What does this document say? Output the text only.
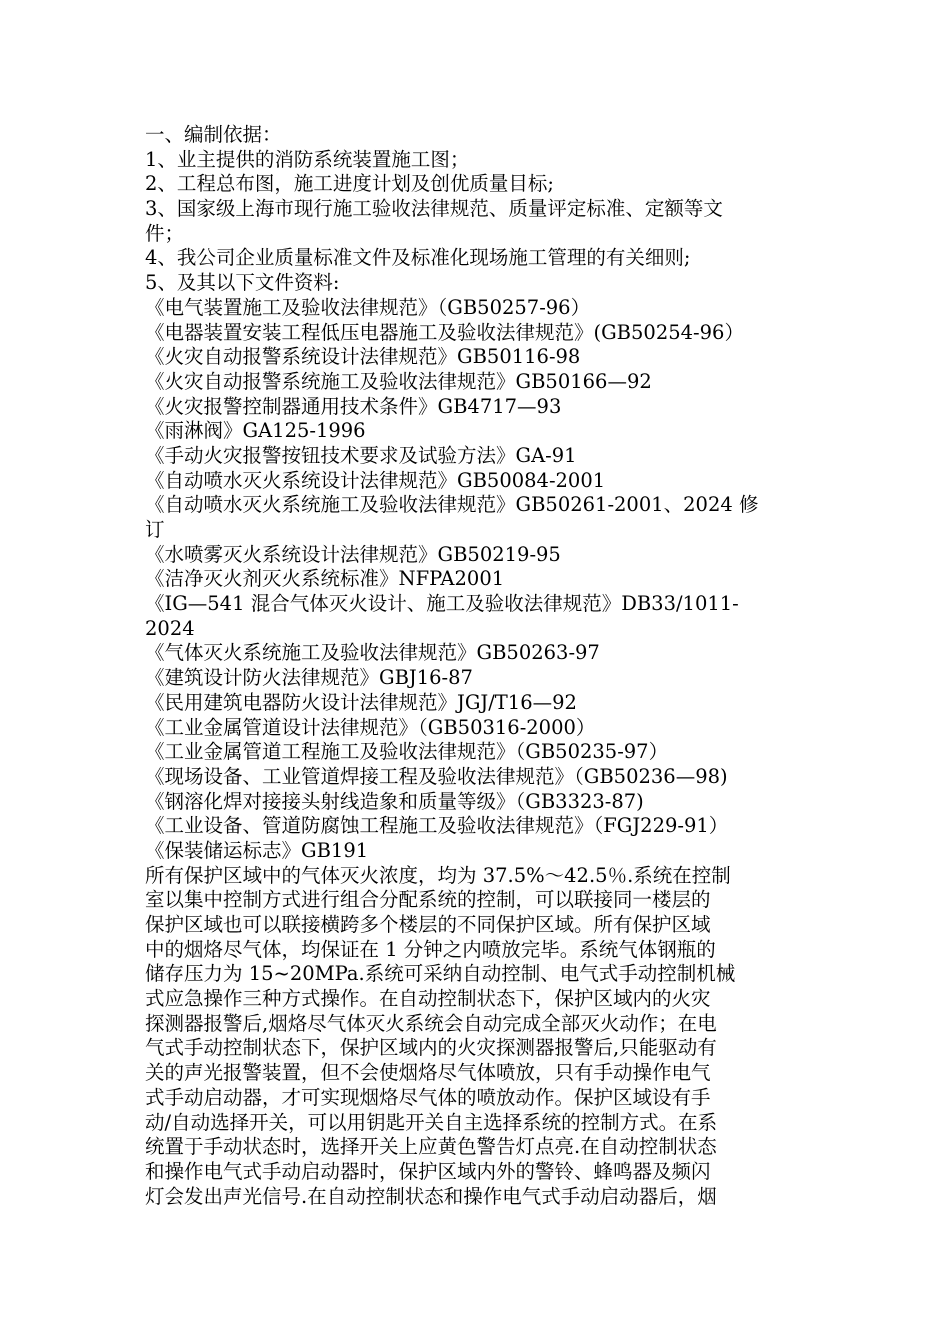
一、编制依据：
1、业主提供的消防系统装置施工图；
2、工程总布图，施工进度计划及创优质量目标;
3、国家级上海市现行施工验收法律规范、质量评定标准、定额等文
件；
4、我公司企业质量标准文件及标准化现场施工管理的有关细则;
5、及其以下文件资料:
《电气装置施工及验收法律规范》（GB50257-96）
《电器装置安装工程低压电器施工及验收法律规范》(GB50254-96）
《火灾自动报警系统设计法律规范》GB50116-98
《火灾自动报警系统施工及验收法律规范》GB50166—92
《火灾报警控制器通用技术条件》GB4717—93
《雨淋阀》GA125-1996
《手动火灾报警按钮技术要求及试验方法》GA-91
《自动喷水灭火系统设计法律规范》GB50084-2001
《自动喷水灭火系统施工及验收法律规范》GB50261-2001、2024 修
订
《水喷雾灭火系统设计法律规范》GB50219-95
《洁净灭火剂灭火系统标准》NFPA2001
《IG—541 混合气体灭火设计、施工及验收法律规范》DB33/1011-
2024
《气体灭火系统施工及验收法律规范》GB50263-97
《建筑设计防火法律规范》GBJ16-87
《民用建筑电器防火设计法律规范》JGJ/T16—92
《工业金属管道设计法律规范》（GB50316-2000）
《工业金属管道工程施工及验收法律规范》（GB50235-97）
《现场设备、工业管道焊接工程及验收法律规范》（GB50236—98)
《钢溶化焊对接接头射线造象和质量等级》（GB3323-87)
《工业设备、管道防腐蚀工程施工及验收法律规范》（FGJ229-91）
《保装储运标志》GB191
所有保护区域中的气体灭火浓度，均为 37.5%～42.5％.系统在控制
室以集中控制方式进行组合分配系统的控制，可以联接同一楼层的
保护区域也可以联接横跨多个楼层的不同保护区域。所有保护区域
中的烟烙尽气体，均保证在 1 分钟之内喷放完毕。系统气体钢瓶的
储存压力为 15~20MPa.系统可采纳自动控制、电气式手动控制机械
式应急操作三种方式操作。在自动控制状态下，保护区域内的火灾
探测器报警后,烟烙尽气体灭火系统会自动完成全部灭火动作；在电
气式手动控制状态下，保护区域内的火灾探测器报警后,只能驱动有
关的声光报警装置，但不会使烟烙尽气体喷放，只有手动操作电气
式手动启动器，才可实现烟烙尽气体的喷放动作。保护区域设有手
动/自动选择开关，可以用钥匙开关自主选择系统的控制方式。在系
统置于手动状态时，选择开关上应黄色警告灯点亮.在自动控制状态
和操作电气式手动启动器时，保护区域内外的警铃、蜂鸣器及频闪
灯会发出声光信号.在自动控制状态和操作电气式手动启动器后，烟
